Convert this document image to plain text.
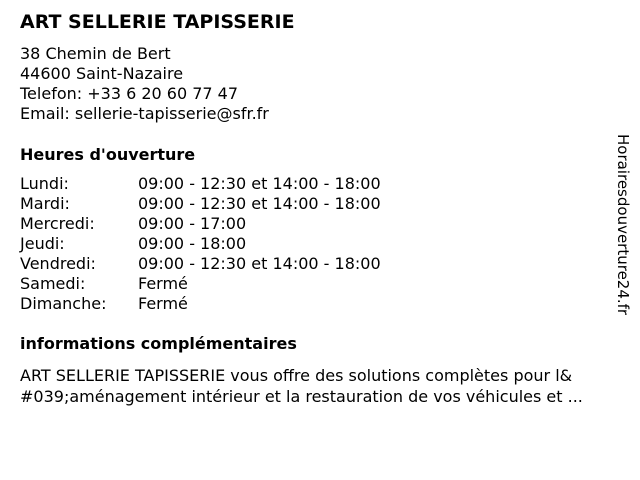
ART SELLERIE TAPISSERIE
38 Chemin de Bert
44600 Saint-Nazaire
Telefon: +33 6 20 60 77 47
Email: sellerie-tapisserie@sfr.fr
Heures d'ouverture
Lundi:	09:00 - 12:30 et 14:00 - 18:00
Mardi:	09:00 - 12:30 et 14:00 - 18:00
Mercredi:	09:00 - 17:00
Jeudi:	09:00 - 18:00
Vendredi:	09:00 - 12:30 et 14:00 - 18:00
Samedi:	Fermé
Dimanche: Fermé
informations complémentaires
ART SELLERIE TAPISSERIE vous offre des solutions complètes pour l&
#039;aménagement intérieur et la restauration de vos véhicules et ...
Horairesdouverture24.fr
